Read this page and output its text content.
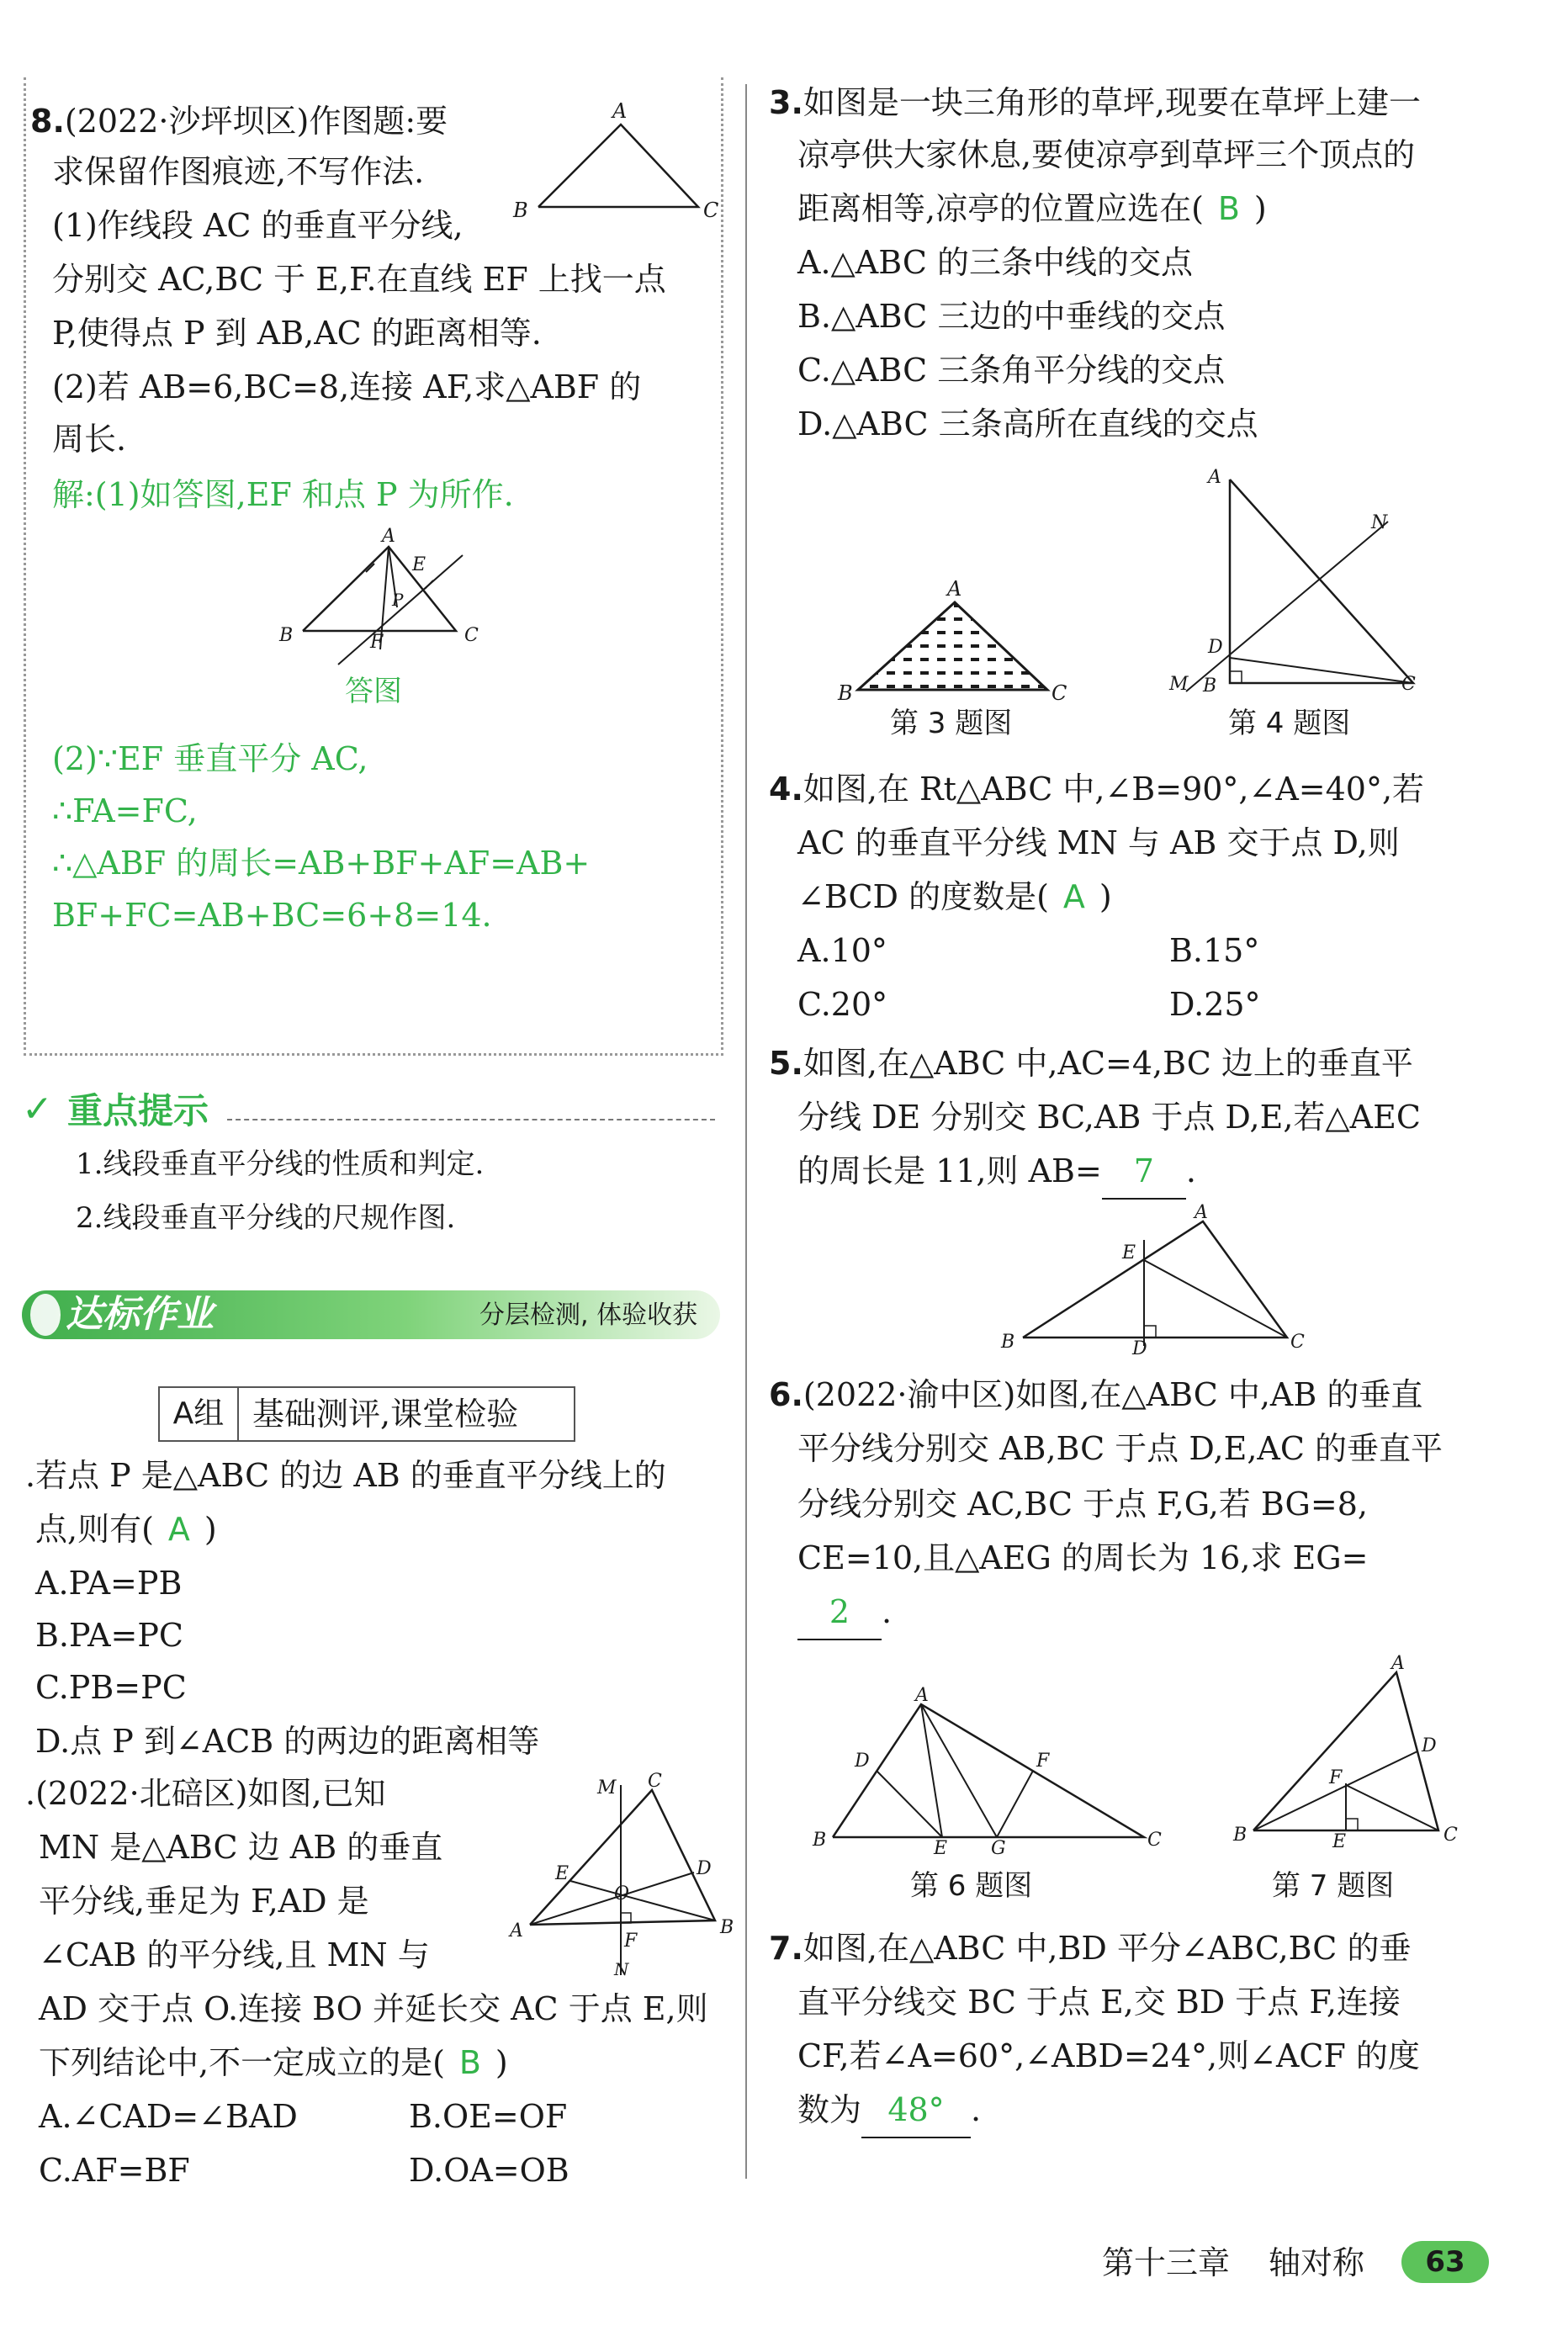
8.(2022·沙坪坝区)作图题:要
求保留作图痕迹,不写作法.
(1)作线段 AC 的垂直平分线,
分别交 AC,BC 于 E,F.在直线 EF 上找一点
P,使得点 P 到 AB,AC 的距离相等.
(2)若 AB=6,BC=8,连接 AF,求△ABF 的
周长.
A
B	C
解:(1)如答图,EF 和点 P 为所作.
A
B	C
E
P
F
答图
(2)∵EF 垂直平分 AC,
∴FA=FC,
∴△ABF 的周长=AB+BF+AF=AB+
BF+FC=AB+BC=6+8=14.
✓ 重点提示
1.线段垂直平分线的性质和判定.
2.线段垂直平分线的尺规作图.
达标作业	分层检测, 体验收获
A组 基础测评,课堂检验
.若点 P 是△ABC 的边 AB 的垂直平分线上的
点,则有( A )
A.PA=PB
B.PA=PC
C.PB=PC
D.点 P 到∠ACB 的两边的距离相等
.(2022·北碚区)如图,已知
MN 是△ABC 边 AB 的垂直
平分线,垂足为 F,AD 是
∠CAB 的平分线,且 MN 与
AD 交于点 O.连接 BO 并延长交 AC 于点 E,则
下列结论中,不一定成立的是( B )
A.∠CAD=∠BAD	B.OE=OF
C.AF=BF	D.OA=OB
M C
E	D
O
A	B
F
N
3.如图是一块三角形的草坪,现要在草坪上建一
凉亭供大家休息,要使凉亭到草坪三个顶点的
距离相等,凉亭的位置应选在( B )
A.△ABC 的三条中线的交点
B.△ABC 三边的中垂线的交点
C.△ABC 三条角平分线的交点
D.△ABC 三条高所在直线的交点
A
B	C
第 3 题图
A
N
D
M B	C
第 4 题图
4.如图,在 Rt△ABC 中,∠B=90°,∠A=40°,若
AC 的垂直平分线 MN 与 AB 交于点 D,则
∠BCD 的度数是( A )
A.10°	B.15°
C.20°	D.25°
5.如图,在△ABC 中,AC=4,BC 边上的垂直平
分线 DE 分别交 BC,AB 于点 D,E,若△AEC
的周长是 11,则 AB= 7 .
A
E
B	D	C
6.(2022·渝中区)如图,在△ABC 中,AB 的垂直
平分线分别交 AB,BC 于点 D,E,AC 的垂直平
分线分别交 AC,BC 于点 F,G,若 BG=8,
CE=10,且△AEG 的周长为 16,求 EG=
2 .
A
D	F
B	E G	C
第 6 题图
A
D
F
B	E	C
第 7 题图
7.如图,在△ABC 中,BD 平分∠ABC,BC 的垂
直平分线交 BC 于点 E,交 BD 于点 F,连接
CF,若∠A=60°,∠ABD=24°,则∠ACF 的度
数为 48° .
第十三章 轴对称	63
